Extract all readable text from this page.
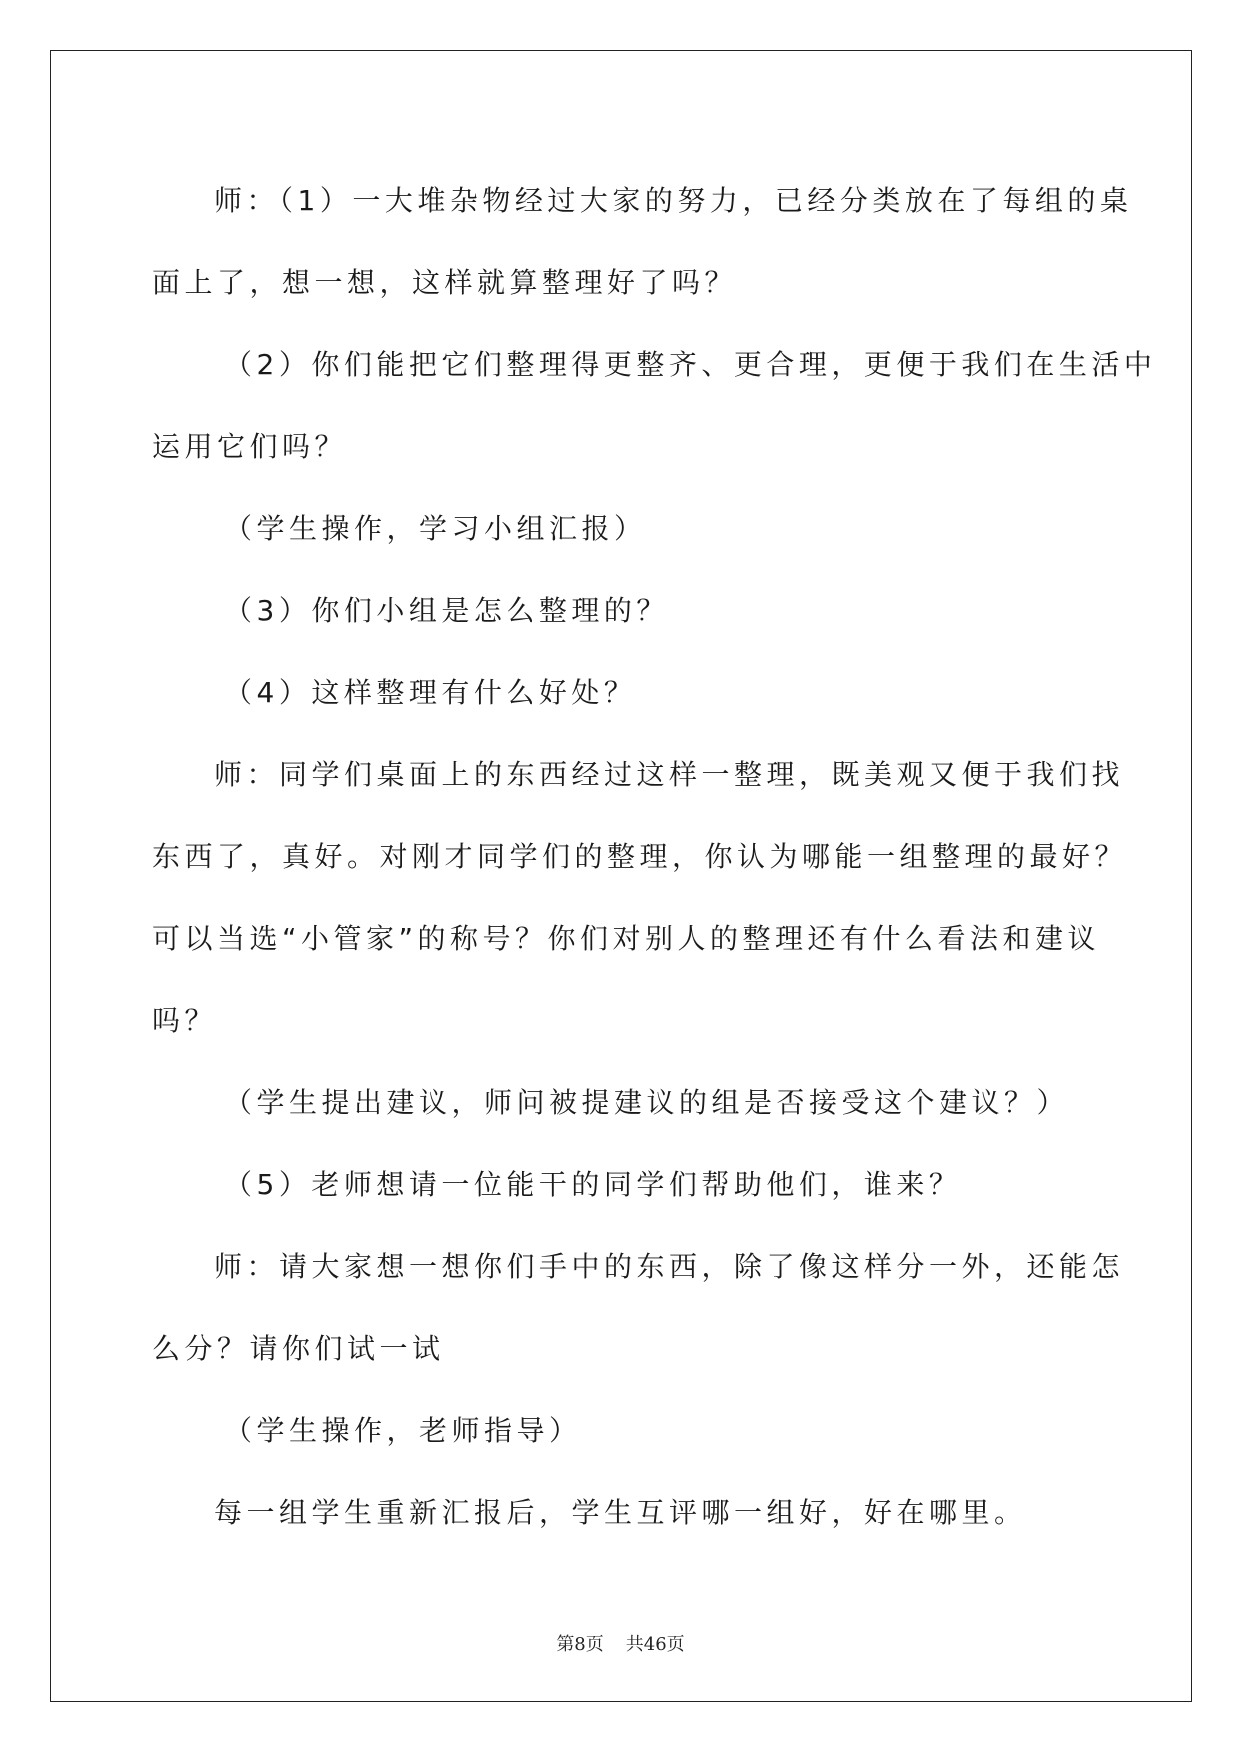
师：（1）一大堆杂物经过大家的努力，已经分类放在了每组的桌

面上了，想一想，这样就算整理好了吗？

（2）你们能把它们整理得更整齐、更合理，更便于我们在生活中

运用它们吗？

（学生操作，学习小组汇报）

（3）你们小组是怎么整理的？

（4）这样整理有什么好处？

师：同学们桌面上的东西经过这样一整理，既美观又便于我们找

东西了，真好。对刚才同学们的整理，你认为哪能一组整理的最好？

可以当选“小管家”的称号？你们对别人的整理还有什么看法和建议

吗？

（学生提出建议，师问被提建议的组是否接受这个建议？）

（5）老师想请一位能干的同学们帮助他们，谁来？

师：请大家想一想你们手中的东西，除了像这样分一外，还能怎

么分？请你们试一试

（学生操作，老师指导）

每一组学生重新汇报后，学生互评哪一组好，好在哪里。

第8页 共46页
